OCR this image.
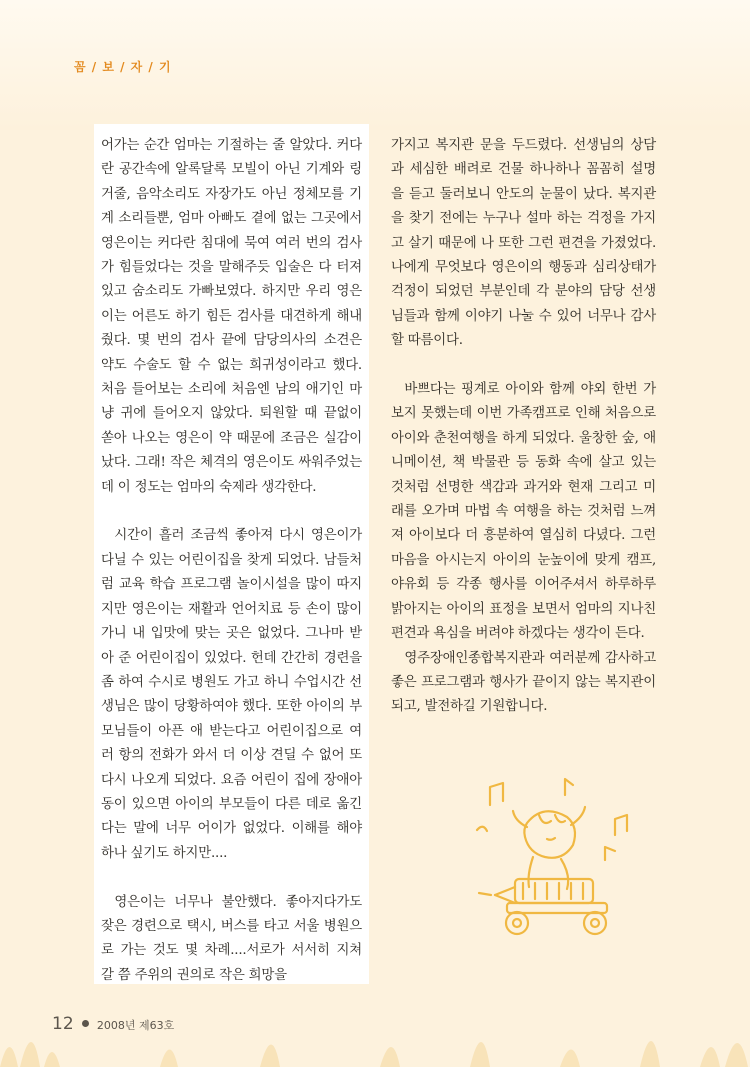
꼼 / 보 / 자 / 기

어가는 순간 엄마는 기절하는 줄 알았다. 커다란 공간속에 알록달록 모빌이 아닌 기계와 링거줄, 음악소리도 자장가도 아닌 정체모를 기계 소리들뿐, 엄마 아빠도 곁에 없는 그곳에서 영은이는 커다란 침대에 묵여 여러 번의 검사가 힘들었다는 것을 말해주듯 입술은 다 터져있고 숨소리도 가빠보였다. 하지만 우리 영은이는 어른도 하기 힘든 검사를 대견하게 해내줬다. 몇 번의 검사 끝에 담당의사의 소견은 약도 수술도 할 수 없는 희귀성이라고 했다. 처음 들어보는 소리에 처음엔 남의 애기인 마냥 귀에 들어오지 않았다. 퇴원할 때 끝없이 쏟아 나오는 영은이 약 때문에 조금은 실감이 났다. 그래! 작은 체격의 영은이도 싸워주었는데 이 정도는 엄마의 숙제라 생각한다.

시간이 흘러 조금씩 좋아져 다시 영은이가 다닐 수 있는 어린이집을 찾게 되었다. 남들처럼 교육 학습 프로그램 놀이시설을 많이 따지지만 영은이는 재활과 언어치료 등 손이 많이 가니 내 입맛에 맞는 곳은 없었다. 그나마 받아 준 어린이집이 있었다. 헌데 간간히 경련을 좀 하여 수시로 병원도 가고 하니 수업시간 선생님은 많이 당황하여야 했다. 또한 아이의 부모님들이 아픈 애 받는다고 어린이집으로 여러 항의 전화가 와서 더 이상 견딜 수 없어 또 다시 나오게 되었다. 요즘 어린이 집에 장애아동이 있으면 아이의 부모들이 다른 데로 옮긴다는 말에 너무 어이가 없었다. 이해를 해야 하나 싶기도 하지만....

영은이는 너무나 불안했다. 좋아지다가도 잦은 경련으로 택시, 버스를 타고 서울 병원으로 가는 것도 몇 차례....서로가 서서히 지쳐 갈 쯤 주위의 권의로 작은 희망을

가지고 복지관 문을 두드렸다. 선생님의 상담과 세심한 배려로 건물 하나하나 꼼꼼히 설명을 듣고 둘러보니 안도의 눈물이 났다. 복지관을 찾기 전에는 누구나 설마 하는 걱정을 가지고 살기 때문에 나 또한 그런 편견을 가졌었다. 나에게 무엇보다 영은이의 행동과 심리상태가 걱정이 되었던 부분인데 각 분야의 담당 선생님들과 함께 이야기 나눌 수 있어 너무나 감사할 따름이다.

바쁘다는 핑계로 아이와 함께 야외 한번 가보지 못했는데 이번 가족캠프로 인해 처음으로 아이와 춘천여행을 하게 되었다. 울창한 숲, 애니메이션, 책 박물관 등 동화 속에 살고 있는 것처럼 선명한 색감과 과거와 현재 그리고 미래를 오가며 마법 속 여행을 하는 것처럼 느껴져 아이보다 더 흥분하여 열심히 다녔다. 그런 마음을 아시는지 아이의 눈높이에 맞게 캠프, 야유회 등 각종 행사를 이어주셔서 하루하루 밝아지는 아이의 표정을 보면서 엄마의 지나친 편견과 욕심을 버려야 하겠다는 생각이 든다.

영주장애인종합복지관과 여러분께 감사하고 좋은 프로그램과 행사가 끝이지 않는 복지관이 되고, 발전하길 기원합니다.

12 2008년 제63호
